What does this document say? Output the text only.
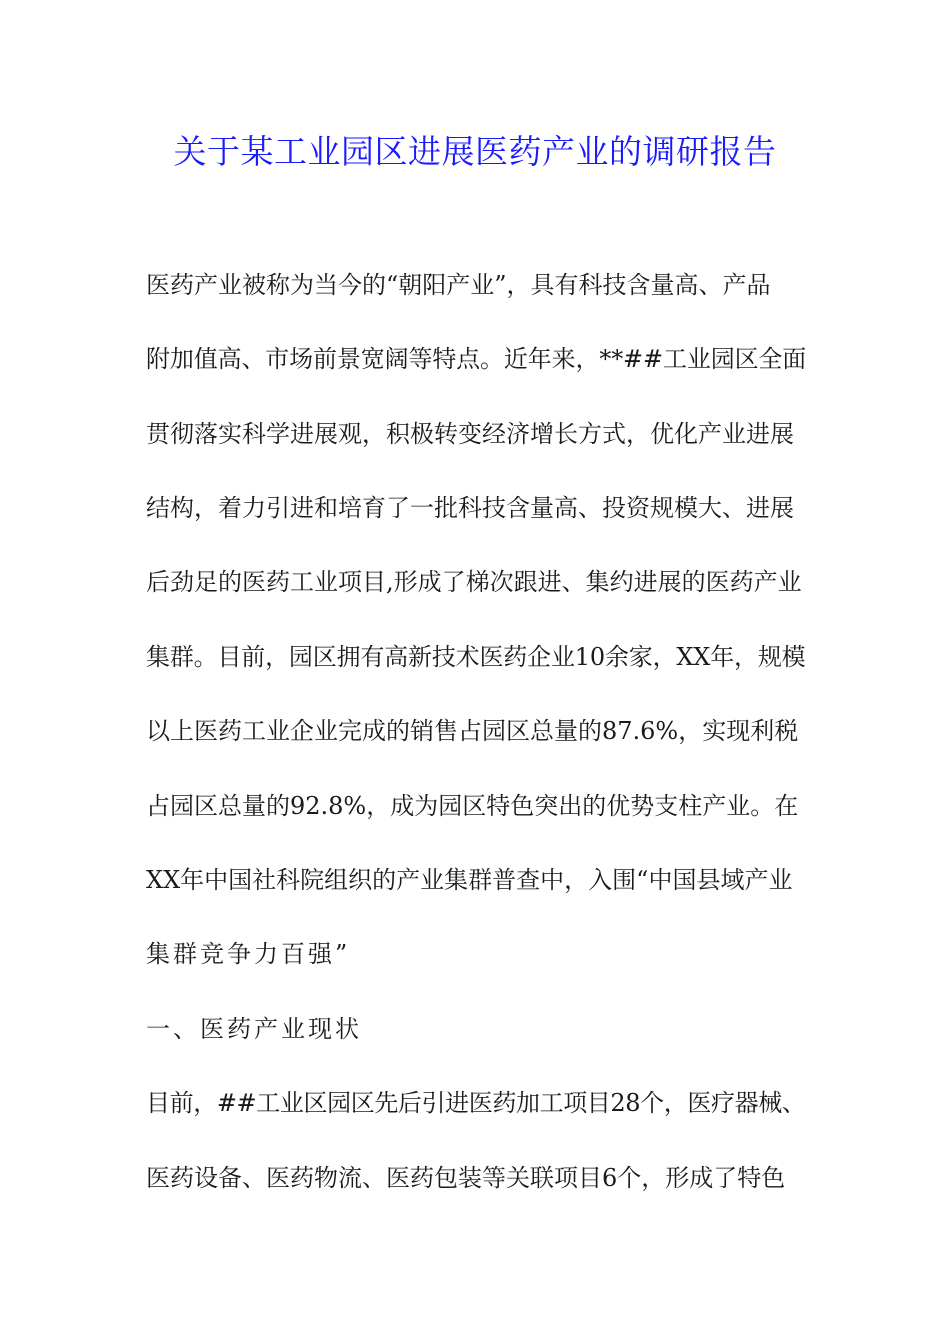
关于某工业园区进展医药产业的调研报告
医药产业被称为当今的“朝阳产业”，具有科技含量高、产品
附加值高、市场前景宽阔等特点。近年来，**##工业园区全面
贯彻落实科学进展观，积极转变经济增长方式，优化产业进展
结构，着力引进和培育了一批科技含量高、投资规模大、进展
后劲足的医药工业项目,形成了梯次跟进、集约进展的医药产业
集群。目前，园区拥有高新技术医药企业10余家，XX年，规模
以上医药工业企业完成的销售占园区总量的87.6%，实现利税
占园区总量的92.8%，成为园区特色突出的优势支柱产业。在
XX年中国社科院组织的产业集群普查中，入围“中国县域产业
集群竞争力百强”
一、医药产业现状
目前，##工业区园区先后引进医药加工项目28个，医疗器械、
医药设备、医药物流、医药包装等关联项目6个，形成了特色
